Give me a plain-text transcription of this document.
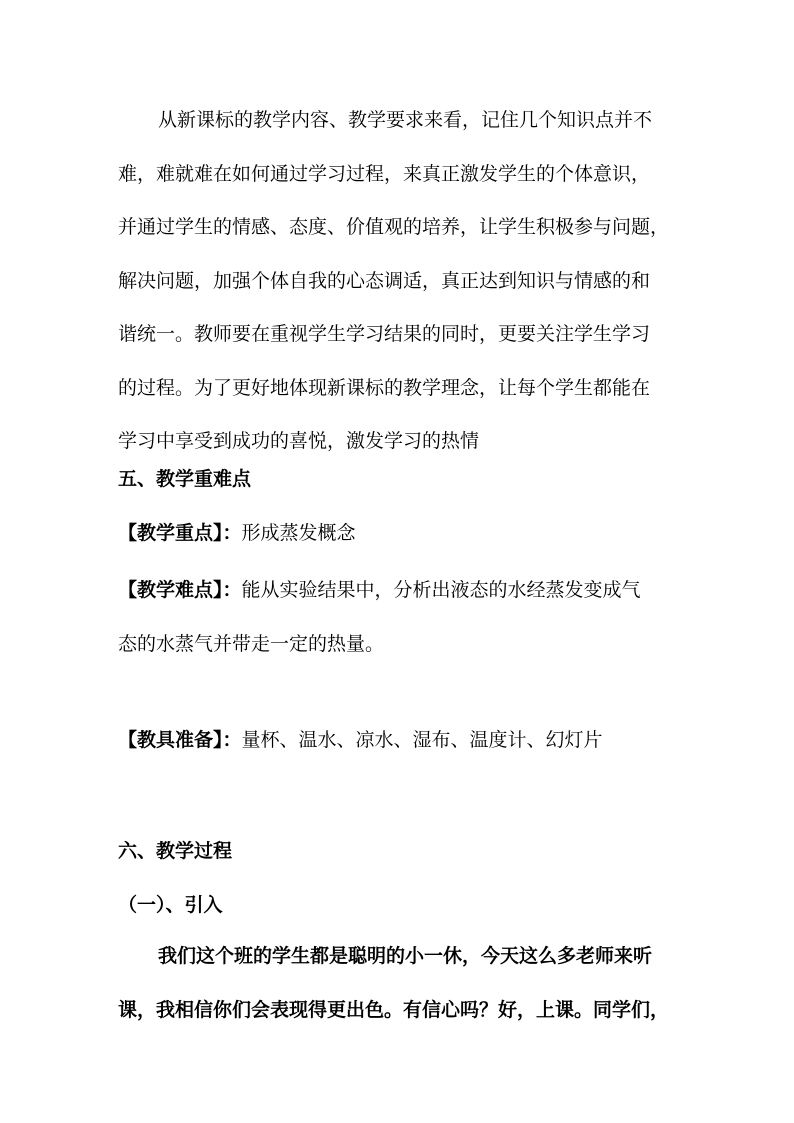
从新课标的教学内容、教学要求来看，记住几个知识点并不
难，难就难在如何通过学习过程，来真正激发学生的个体意识，
并通过学生的情感、态度、价值观的培养，让学生积极参与问题，
解决问题，加强个体自我的心态调适，真正达到知识与情感的和
谐统一。教师要在重视学生学习结果的同时，更要关注学生学习
的过程。为了更好地体现新课标的教学理念，让每个学生都能在
学习中享受到成功的喜悦，激发学习的热情
五、教学重难点
【教学重点】：形成蒸发概念
【教学难点】：能从实验结果中，分析出液态的水经蒸发变成气
态的水蒸气并带走一定的热量。
【教具准备】：量杯、温水、凉水、湿布、温度计、幻灯片
六、教学过程
（一）、引入
我们这个班的学生都是聪明的小一休，今天这么多老师来听
课，我相信你们会表现得更出色。有信心吗？好，上课。同学们，
